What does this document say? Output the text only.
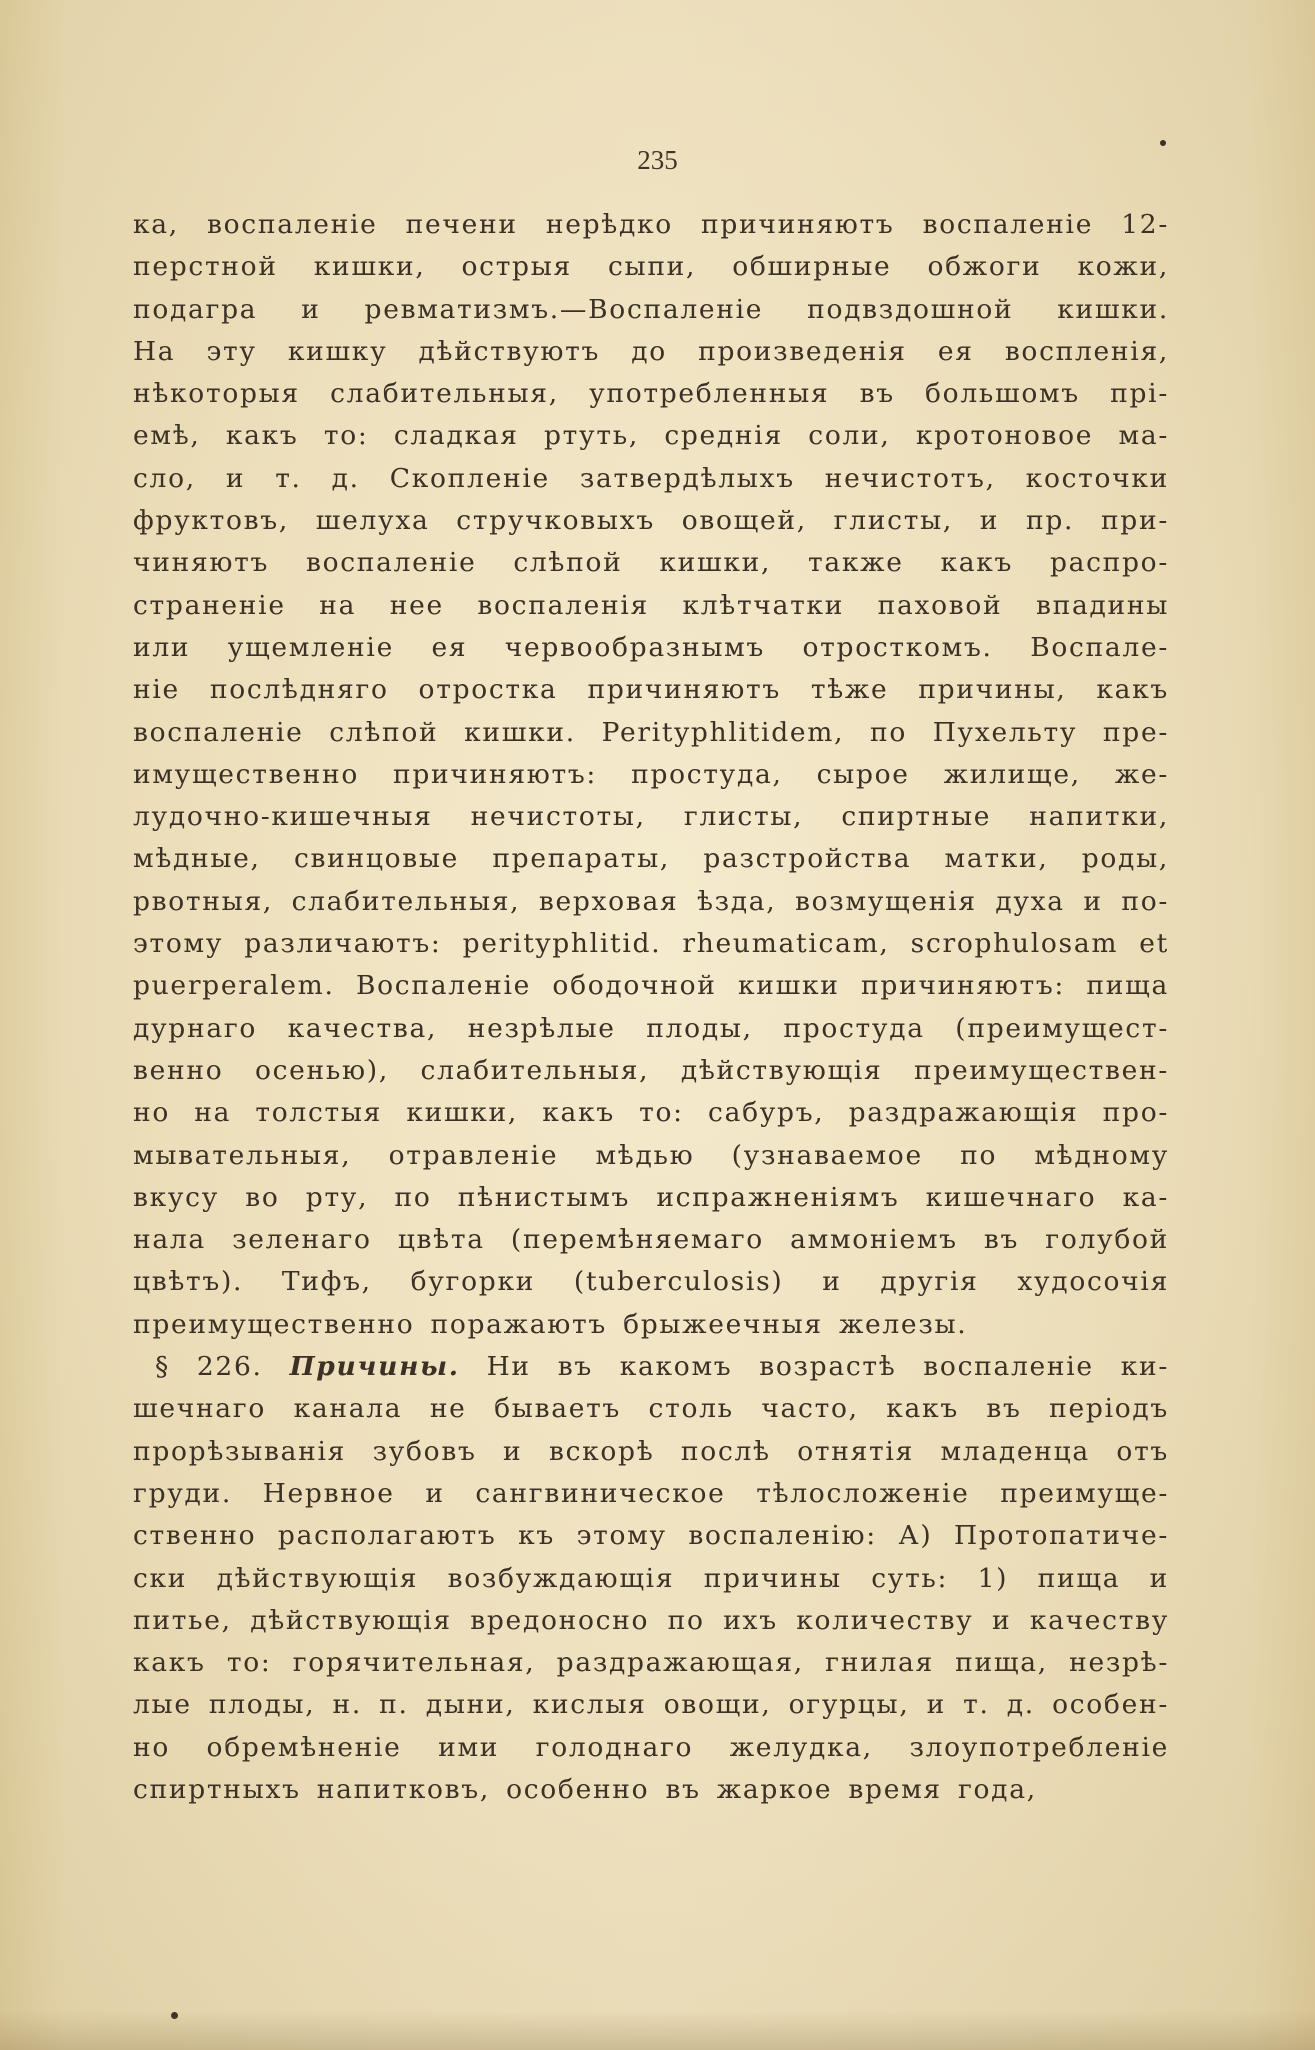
235
ка, воспаленіе печени нерѣдко причиняютъ воспаленіе 12-
перстной кишки, острыя сыпи, обширные обжоги кожи,
подагра и ревматизмъ.—Воспаленіе подвздошной кишки.
На эту кишку дѣйствуютъ до произведенія ея воспленія,
нѣкоторыя слабительныя, употребленныя въ большомъ прі-
емѣ, какъ то: сладкая ртуть, среднія соли, кротоновое ма-
сло, и т. д. Скопленіе затвердѣлыхъ нечистотъ, косточки
фруктовъ, шелуха стручковыхъ овощей, глисты, и пр. при-
чиняютъ воспаленіе слѣпой кишки, также какъ распро-
страненіе на нее воспаленія клѣтчатки паховой впадины
или ущемленіе ея червообразнымъ отросткомъ. Воспале-
ніе послѣдняго отростка причиняютъ тѣже причины, какъ
воспаленіе слѣпой кишки. Perityphlitidem, по Пухельту пре-
имущественно причиняютъ: простуда, сырое жилище, же-
лудочно-кишечныя нечистоты, глисты, спиртные напитки,
мѣдные, свинцовые препараты, разстройства матки, роды,
рвотныя, слабительныя, верховая ѣзда, возмущенія духа и по-
этому различаютъ: perityphlitid. rheumaticam, scrophulosam et
puerperalem. Воспаленіе ободочной кишки причиняютъ: пища
дурнаго качества, незрѣлые плоды, простуда (преимущест-
венно осенью), слабительныя, дѣйствующія преимуществен-
но на толстыя кишки, какъ то: сабуръ, раздражающія про-
мывательныя, отравленіе мѣдью (узнаваемое по мѣдному
вкусу во рту, по пѣнистымъ испражненіямъ кишечнаго ка-
нала зеленаго цвѣта (перемѣняемаго аммоніемъ въ голубой
цвѣтъ). Тифъ, бугорки (tuberculosis) и другія худосочія
преимущественно поражаютъ брыжеечныя железы.
§ 226. Причины. Ни въ какомъ возрастѣ воспаленіе ки-
шечнаго канала не бываетъ столь часто, какъ въ періодъ
прорѣзыванія зубовъ и вскорѣ послѣ отнятія младенца отъ
груди. Нервное и сангвиническое тѣлосложеніе преимуще-
ственно располагаютъ къ этому воспаленію: А) Протопатиче-
ски дѣйствующія возбуждающія причины суть: 1) пища и
питье, дѣйствующія вредоносно по ихъ количеству и качеству
какъ то: горячительная, раздражающая, гнилая пища, незрѣ-
лые плоды, н. п. дыни, кислыя овощи, огурцы, и т. д. особен-
но обремѣненіе ими голоднаго желудка, злоупотребленіе
спиртныхъ напитковъ, особенно въ жаркое время года,
